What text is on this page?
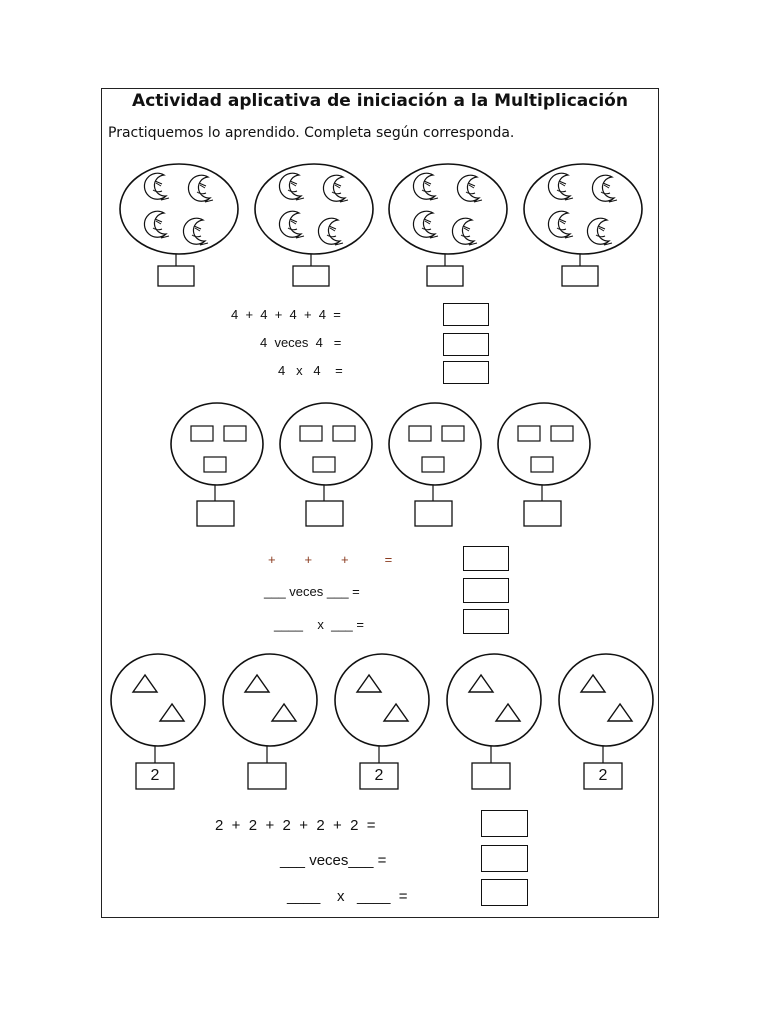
Actividad aplicativa de iniciación a la Multiplicación
Practiquemos lo aprendido. Completa según corresponda.
2	2	2
4  +  4  +  4  +  4  =
4  veces  4   =
4   x   4    =
+        +        +          =
___ veces ___ =
____    x  ___ =
2  +  2  +  2  +  2  +  2  =
___ veces___ =
____    x   ____  =
